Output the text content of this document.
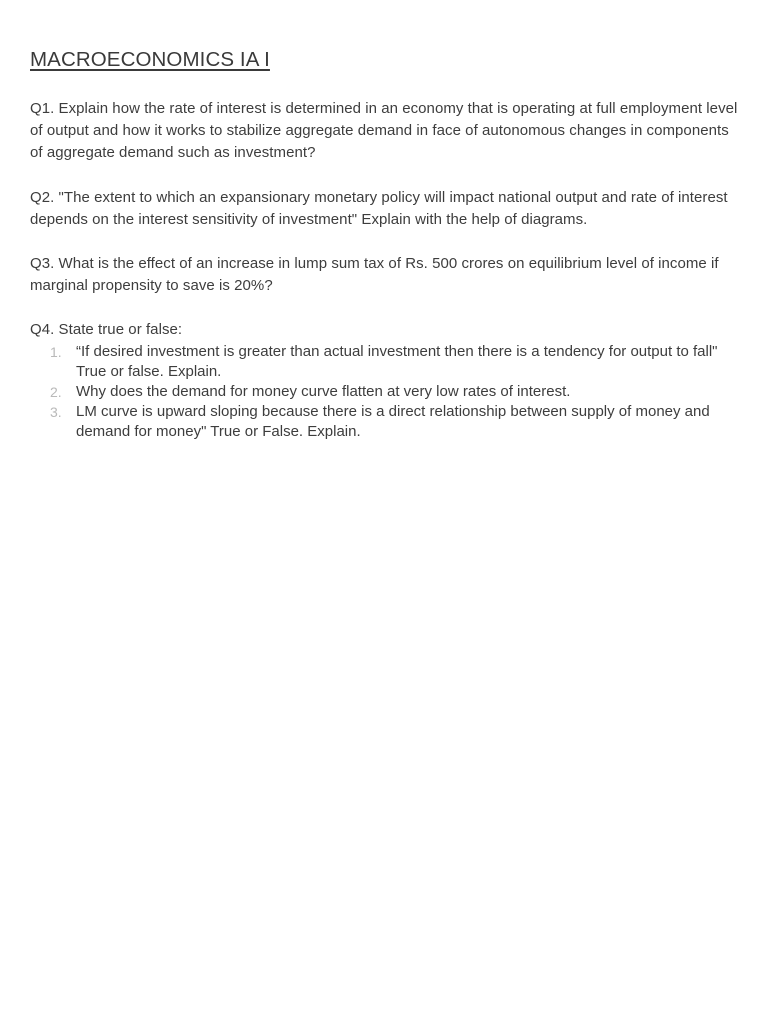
MACROECONOMICS IA I

Q1. Explain how the rate of interest is determined in an economy that is operating at full employment level of output and how it works to stabilize aggregate demand in face of autonomous changes in components of aggregate demand such as investment?

Q2. "The extent to which an expansionary monetary policy will impact national output and rate of interest depends on the interest sensitivity of investment" Explain with the help of diagrams.

Q3. What is the effect of an increase in lump sum tax of Rs. 500 crores on equilibrium level of income if marginal propensity to save is 20%?

Q4. State true or false:

1. “If desired investment is greater than actual investment then there is a tendency for output to fall" True or false. Explain.
2. Why does the demand for money curve flatten at very low rates of interest.
3. LM curve is upward sloping because there is a direct relationship between supply of money and demand for money" True or False. Explain.
